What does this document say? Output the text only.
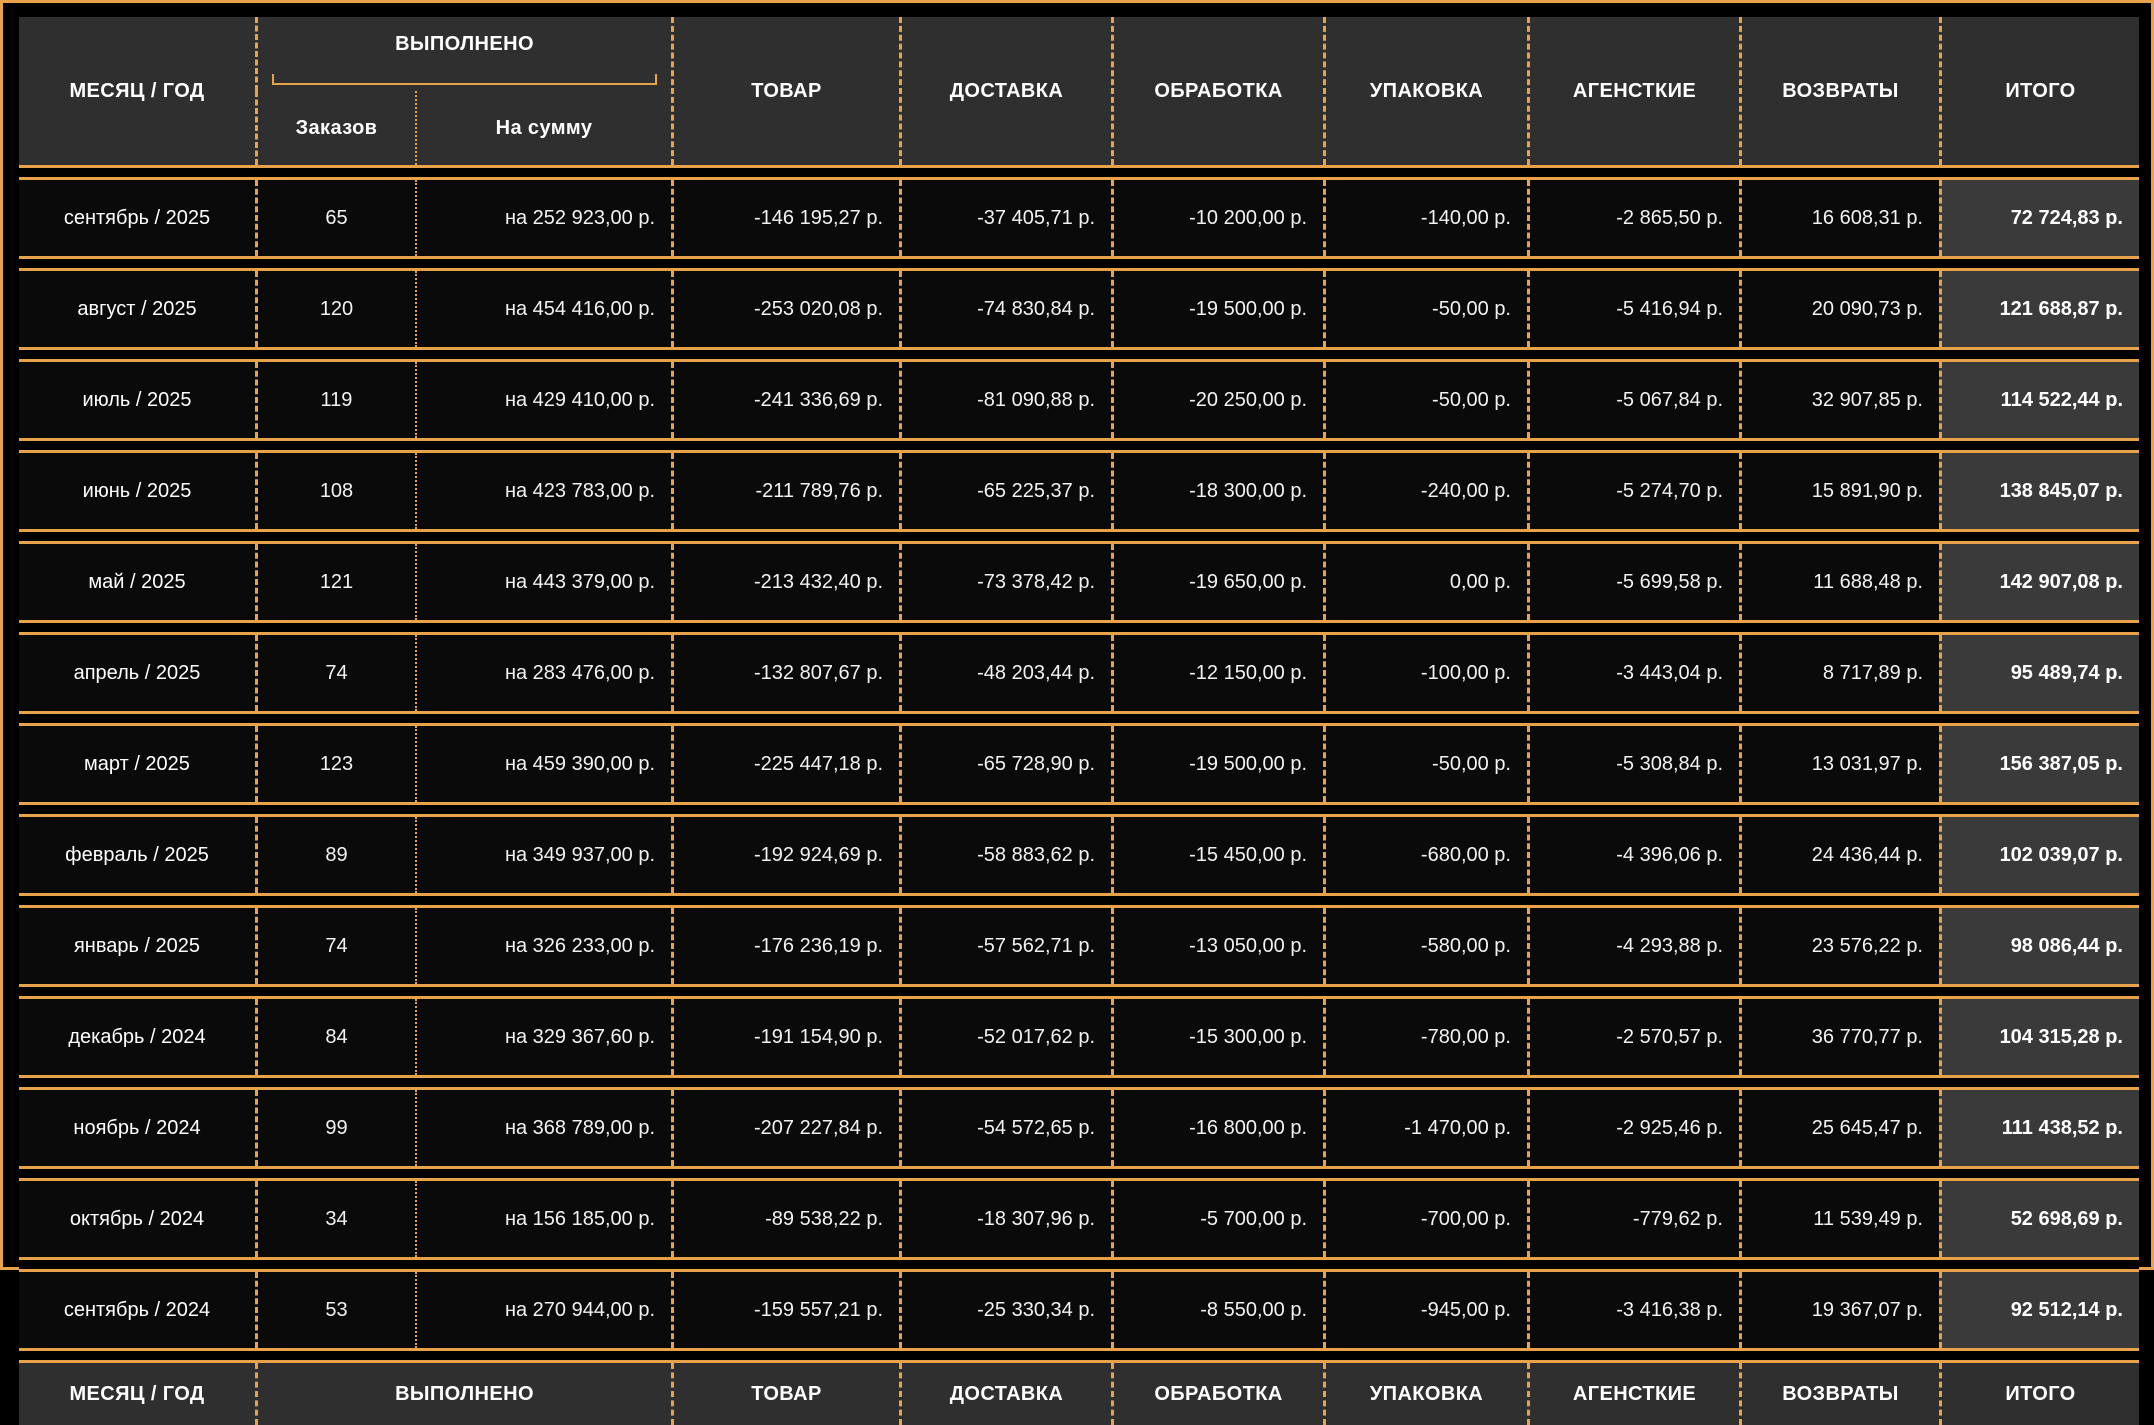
МЕСЯЦ / ГОД	ВЫПОЛНЕНО		ТОВАР	ДОСТАВКА	ОБРАБОТКА	УПАКОВКА	АГЕНСТКИЕ	ВОЗВРАТЫ	ИТОГО

	Заказов	На сумму							

сентябрь / 2025	65	на 252 923,00 р.	-146 195,27 р.	-37 405,71 р.	-10 200,00 р.	-140,00 р.	-2 865,50 р.	16 608,31 р.	72 724,83 р.

август / 2025	120	на 454 416,00 р.	-253 020,08 р.	-74 830,84 р.	-19 500,00 р.	-50,00 р.	-5 416,94 р.	20 090,73 р.	121 688,87 р.

июль / 2025	119	на 429 410,00 р.	-241 336,69 р.	-81 090,88 р.	-20 250,00 р.	-50,00 р.	-5 067,84 р.	32 907,85 р.	114 522,44 р.

июнь / 2025	108	на 423 783,00 р.	-211 789,76 р.	-65 225,37 р.	-18 300,00 р.	-240,00 р.	-5 274,70 р.	15 891,90 р.	138 845,07 р.

май / 2025	121	на 443 379,00 р.	-213 432,40 р.	-73 378,42 р.	-19 650,00 р.	0,00 р.	-5 699,58 р.	11 688,48 р.	142 907,08 р.

апрель / 2025	74	на 283 476,00 р.	-132 807,67 р.	-48 203,44 р.	-12 150,00 р.	-100,00 р.	-3 443,04 р.	8 717,89 р.	95 489,74 р.

март / 2025	123	на 459 390,00 р.	-225 447,18 р.	-65 728,90 р.	-19 500,00 р.	-50,00 р.	-5 308,84 р.	13 031,97 р.	156 387,05 р.

февраль / 2025	89	на 349 937,00 р.	-192 924,69 р.	-58 883,62 р.	-15 450,00 р.	-680,00 р.	-4 396,06 р.	24 436,44 р.	102 039,07 р.

январь / 2025	74	на 326 233,00 р.	-176 236,19 р.	-57 562,71 р.	-13 050,00 р.	-580,00 р.	-4 293,88 р.	23 576,22 р.	98 086,44 р.

декабрь / 2024	84	на 329 367,60 р.	-191 154,90 р.	-52 017,62 р.	-15 300,00 р.	-780,00 р.	-2 570,57 р.	36 770,77 р.	104 315,28 р.

ноябрь / 2024	99	на 368 789,00 р.	-207 227,84 р.	-54 572,65 р.	-16 800,00 р.	-1 470,00 р.	-2 925,46 р.	25 645,47 р.	111 438,52 р.

октябрь / 2024	34	на 156 185,00 р.	-89 538,22 р.	-18 307,96 р.	-5 700,00 р.	-700,00 р.	-779,62 р.	11 539,49 р.	52 698,69 р.

сентябрь / 2024	53	на 270 944,00 р.	-159 557,21 р.	-25 330,34 р.	-8 550,00 р.	-945,00 р.	-3 416,38 р.	19 367,07 р.	92 512,14 р.

МЕСЯЦ / ГОД	ВЫПОЛНЕНО		ТОВАР	ДОСТАВКА	ОБРАБОТКА	УПАКОВКА	АГЕНСТКИЕ	ВОЗВРАТЫ	ИТОГО
